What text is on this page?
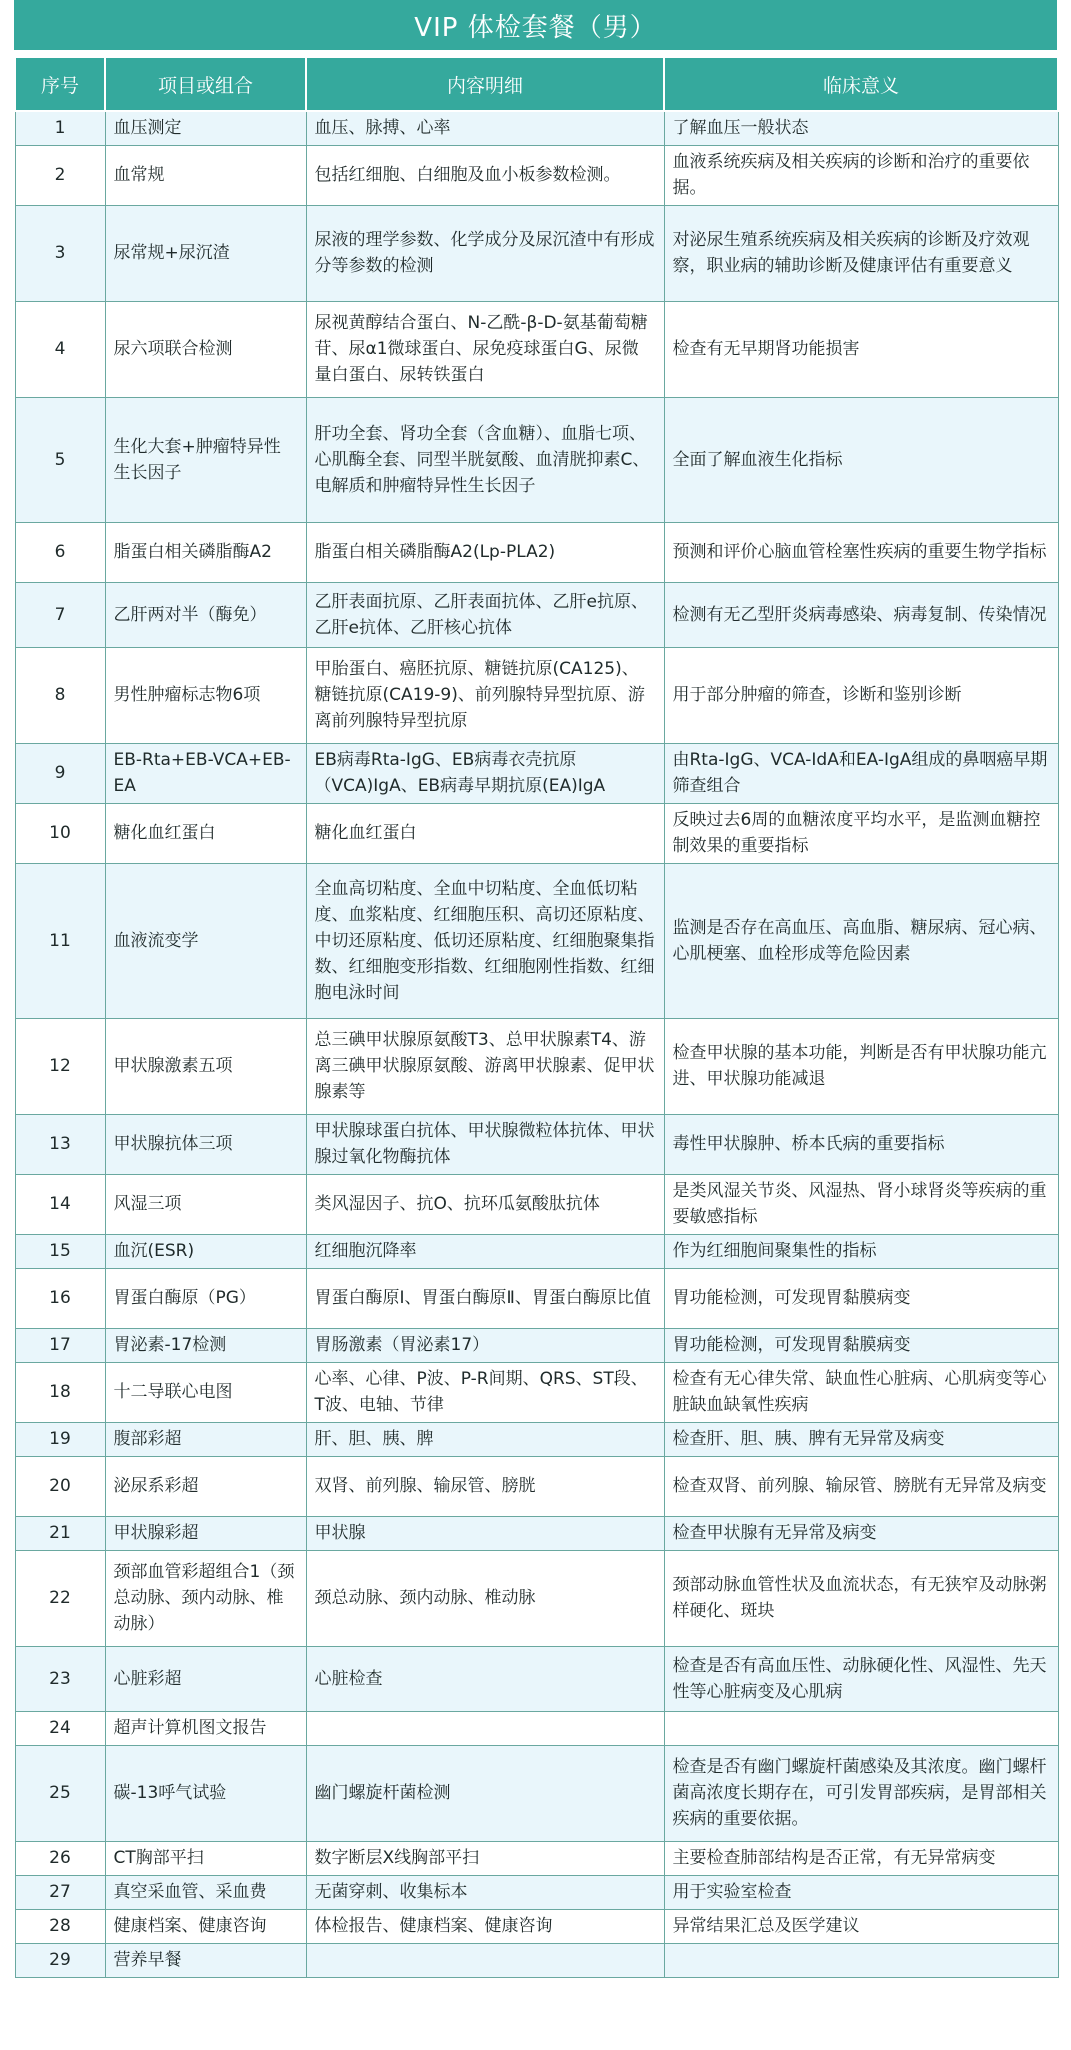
VIP 体检套餐（男）
序号	项目或组合	内容明细	临床意义
1	血压测定	血压、脉搏、心率	了解血压一般状态
2	血常规	包括红细胞、白细胞及血小板参数检测。	血液系统疾病及相关疾病的诊断和治疗的重要依据。
3	尿常规+尿沉渣	尿液的理学参数、化学成分及尿沉渣中有形成分等参数的检测	对泌尿生殖系统疾病及相关疾病的诊断及疗效观察，职业病的辅助诊断及健康评估有重要意义
4	尿六项联合检测	尿视黄醇结合蛋白、N-乙酰-β-D-氨基葡萄糖苷、尿α1微球蛋白、尿免疫球蛋白G、尿微量白蛋白、尿转铁蛋白	检查有无早期肾功能损害
5	生化大套+肿瘤特异性生长因子	肝功全套、肾功全套（含血糖）、血脂七项、心肌酶全套、同型半胱氨酸、血清胱抑素C、电解质和肿瘤特异性生长因子	全面了解血液生化指标
6	脂蛋白相关磷脂酶A2	脂蛋白相关磷脂酶A2(Lp-PLA2)	预测和评价心脑血管栓塞性疾病的重要生物学指标
7	乙肝两对半（酶免）	乙肝表面抗原、乙肝表面抗体、乙肝e抗原、乙肝e抗体、乙肝核心抗体	检测有无乙型肝炎病毒感染、病毒复制、传染情况
8	男性肿瘤标志物6项	甲胎蛋白、癌胚抗原、糖链抗原(CA125)、糖链抗原(CA19-9)、前列腺特异型抗原、游离前列腺特异型抗原	用于部分肿瘤的筛查，诊断和鉴别诊断
9	EB-Rta+EB-VCA+EB-EA	EB病毒Rta-IgG、EB病毒衣壳抗原（VCA)IgA、EB病毒早期抗原(EA)IgA	由Rta-IgG、VCA-IdA和EA-IgA组成的鼻咽癌早期筛查组合
10	糖化血红蛋白	糖化血红蛋白	反映过去6周的血糖浓度平均水平，是监测血糖控制效果的重要指标
11	血液流变学	全血高切粘度、全血中切粘度、全血低切粘度、血浆粘度、红细胞压积、高切还原粘度、中切还原粘度、低切还原粘度、红细胞聚集指数、红细胞变形指数、红细胞刚性指数、红细胞电泳时间	监测是否存在高血压、高血脂、糖尿病、冠心病、心肌梗塞、血栓形成等危险因素
12	甲状腺激素五项	总三碘甲状腺原氨酸T3、总甲状腺素T4、游离三碘甲状腺原氨酸、游离甲状腺素、促甲状腺素等	检查甲状腺的基本功能，判断是否有甲状腺功能亢进、甲状腺功能减退
13	甲状腺抗体三项	甲状腺球蛋白抗体、甲状腺微粒体抗体、甲状腺过氧化物酶抗体	毒性甲状腺肿、桥本氏病的重要指标
14	风湿三项	类风湿因子、抗O、抗环瓜氨酸肽抗体	是类风湿关节炎、风湿热、肾小球肾炎等疾病的重要敏感指标
15	血沉(ESR)	红细胞沉降率	作为红细胞间聚集性的指标
16	胃蛋白酶原（PG）	胃蛋白酶原Ⅰ、胃蛋白酶原Ⅱ、胃蛋白酶原比值	胃功能检测，可发现胃黏膜病变
17	胃泌素-17检测	胃肠激素（胃泌素17）	胃功能检测，可发现胃黏膜病变
18	十二导联心电图	心率、心律、P波、P-R间期、QRS、ST段、T波、电轴、节律	检查有无心律失常、缺血性心脏病、心肌病变等心脏缺血缺氧性疾病
19	腹部彩超	肝、胆、胰、脾	检查肝、胆、胰、脾有无异常及病变
20	泌尿系彩超	双肾、前列腺、输尿管、膀胱	检查双肾、前列腺、输尿管、膀胱有无异常及病变
21	甲状腺彩超	甲状腺	检查甲状腺有无异常及病变
22	颈部血管彩超组合1（颈总动脉、颈内动脉、椎动脉）	颈总动脉、颈内动脉、椎动脉	颈部动脉血管性状及血流状态，有无狭窄及动脉粥样硬化、斑块
23	心脏彩超	心脏检查	检查是否有高血压性、动脉硬化性、风湿性、先天性等心脏病变及心肌病
24	超声计算机图文报告		
25	碳-13呼气试验	幽门螺旋杆菌检测	检查是否有幽门螺旋杆菌感染及其浓度。幽门螺杆菌高浓度长期存在，可引发胃部疾病，是胃部相关疾病的重要依据。
26	CT胸部平扫	数字断层X线胸部平扫	主要检查肺部结构是否正常，有无异常病变
27	真空采血管、采血费	无菌穿刺、收集标本	用于实验室检查
28	健康档案、健康咨询	体检报告、健康档案、健康咨询	异常结果汇总及医学建议
29	营养早餐		
